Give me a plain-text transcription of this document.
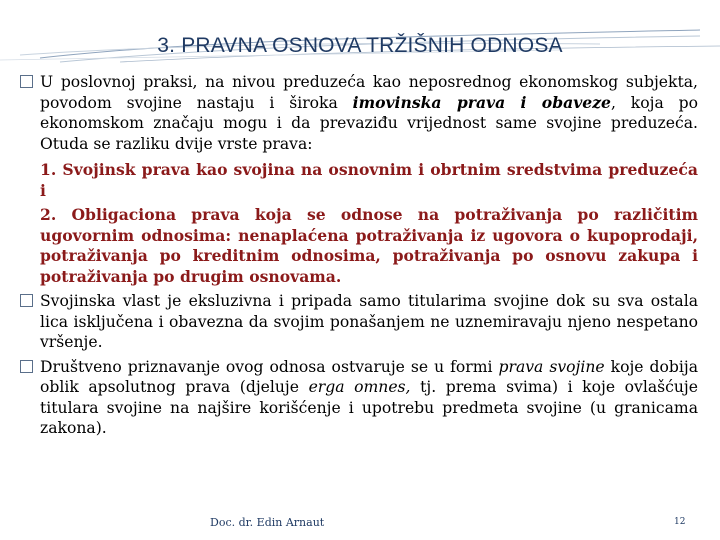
3. PRAVNA OSNOVA TRŽIŠNIH ODNOSA

U poslovnoj praksi, na nivou preduzeća kao neposrednog ekonomskog subjekta, povodom svojine nastaju i široka imovinska prava i obaveze, koja po ekonomskom značaju mogu i da prevaziđu vrijednost same svojine preduzeća. Otuda se razliku dvije vrste prava:

1. Svojinsk prava kao svojina na osnovnim i obrtnim sredstvima preduzeća i

2. Obligaciona prava koja se odnose na potraživanja po različitim ugovornim odnosima: nenaplaćena potraživanja iz ugovora o kupoprodaji, potraživanja po kreditnim odnosima, potraživanja po osnovu zakupa i potraživanja po drugim osnovama.

Svojinska vlast je eksluzivna i pripada samo titularima svojine dok su sva ostala lica isključena i obavezna da svojim ponašanjem ne uznemiravaju njeno nespetano vršenje.

Društveno priznavanje ovog odnosa ostvaruje se u formi prava svojine koje dobija oblik apsolutnog prava (djeluje erga omnes, tj. prema svima) i koje ovlašćuje titulara svojine na najšire korišćenje i upotrebu predmeta svojine (u granicama zakona).

Doc. dr. Edin Arnaut	12
